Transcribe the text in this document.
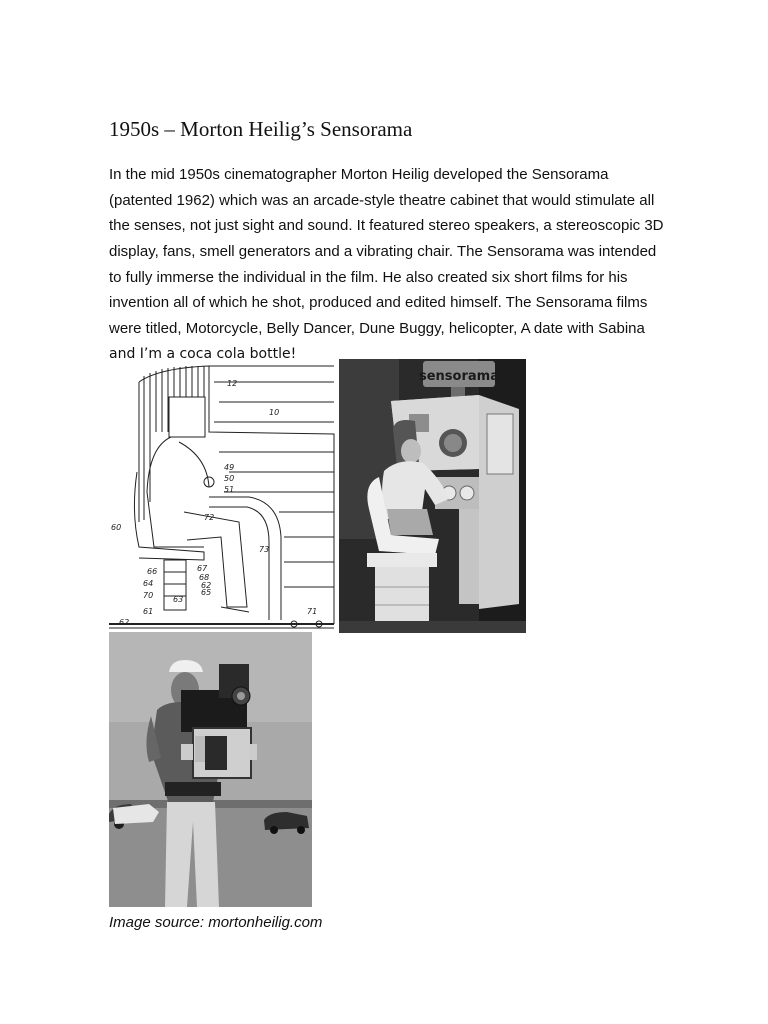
1950s – Morton Heilig’s Sensorama
In the mid 1950s cinematographer Morton Heilig developed the Sensorama
(patented 1962) which was an arcade-style theatre cabinet that would stimulate all
the senses, not just sight and sound. It featured stereo speakers, a stereoscopic 3D
display, fans, smell generators and a vibrating chair. The Sensorama was intended
to fully immerse the individual in the film. He also created six short films for his
invention all of which he shot, produced and edited himself. The Sensorama films
were titled, Motorcycle, Belly Dancer, Dune Buggy, helicopter, A date with Sabina
and I’m a coca cola bottle!
12
10
49
50
51
72
60
73
66	67
68
64	62
65
63
70
61
62
71
sensorama
Image source: mortonheilig.com
